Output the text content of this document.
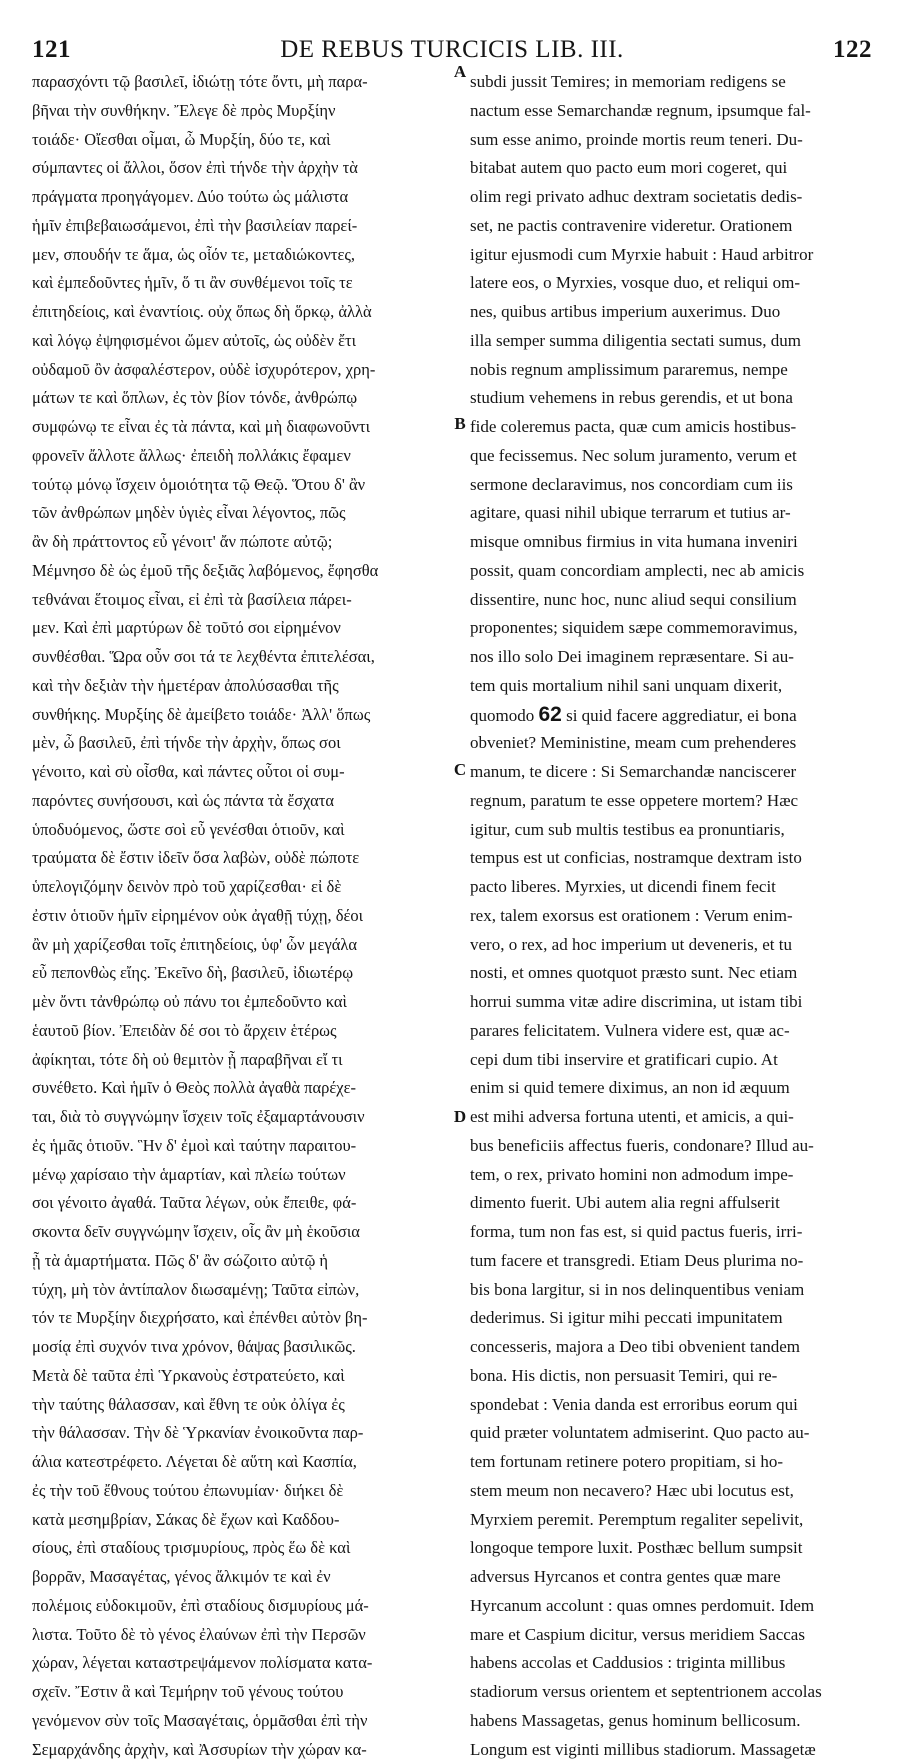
121	DE REBUS TURCICIS LIB. III.	122
παρασχόντι τῷ βασιλεῖ, ἰδιώτῃ τότε ὄντι, μὴ παρα-
βῆναι τὴν συνθήκην. Ἔλεγε δὲ πρὸς Μυρξίην
τοιάδε· Οἴεσθαι οἶμαι, ὦ Μυρξίη, δύο τε, καὶ
σύμπαντες οἱ ἄλλοι, ὅσον ἐπὶ τήνδε τὴν ἀρχὴν τὰ
πράγματα προηγάγομεν. Δύο τούτω ὡς μάλιστα
ἡμῖν ἐπιβεβαιωσάμενοι, ἐπὶ τὴν βασιλείαν παρεί-
μεν, σπουδήν τε ἅμα, ὡς οἷόν τε, μεταδιώκοντες,
καὶ ἐμπεδοῦντες ἡμῖν, ὅ τι ἂν συνθέμενοι τοῖς τε
ἐπιτηδείοις, καὶ ἐναντίοις. οὐχ ὅπως δὴ ὅρκῳ, ἀλλὰ
καὶ λόγῳ ἐψηφισμένοι ὤμεν αὐτοῖς, ὡς οὐδὲν ἔτι
οὐδαμοῦ ὂν ἀσφαλέστερον, οὐδὲ ἰσχυρότερον, χρη-
μάτων τε καὶ ὅπλων, ἐς τὸν βίον τόνδε, ἀνθρώπῳ
συμφώνῳ τε εἶναι ἐς τὰ πάντα, καὶ μὴ διαφωνοῦντι
φρονεῖν ἄλλοτε ἄλλως· ἐπειδὴ πολλάκις ἔφαμεν
τούτῳ μόνῳ ἴσχειν ὁμοιότητα τῷ Θεῷ. Ὅτου δ' ἂν
τῶν ἀνθρώπων μηδὲν ὑγιὲς εἶναι λέγοντος, πῶς
ἂν δὴ πράττοντος εὖ γένοιτ' ἄν πώποτε αὐτῷ;
Μέμνησο δὲ ὡς ἐμοῦ τῆς δεξιᾶς λαβόμενος, ἔφησθα
τεθνάναι ἕτοιμος εἶναι, εἰ ἐπὶ τὰ βασίλεια πάρει-
μεν. Καὶ ἐπὶ μαρτύρων δὲ τοῦτό σοι εἰρημένον
συνθέσθαι. Ὥρα οὖν σοι τά τε λεχθέντα ἐπιτελέσαι,
καὶ τὴν δεξιὰν τὴν ἡμετέραν ἀπολύσασθαι τῆς
συνθήκης. Μυρξίης δὲ ἀμείβετο τοιάδε· Ἀλλ' ὅπως
μὲν, ὦ βασιλεῦ, ἐπὶ τήνδε τὴν ἀρχὴν, ὅπως σοι
γένοιτο, καὶ σὺ οἶσθα, καὶ πάντες οὗτοι οἱ συμ-
παρόντες συνήσουσι, καὶ ὡς πάντα τὰ ἔσχατα
ὑποδυόμενος, ὥστε σοὶ εὖ γενέσθαι ὁτιοῦν, καὶ
τραύματα δὲ ἔστιν ἰδεῖν ὅσα λαβὼν, οὐδὲ πώποτε
ὑπελογιζόμην δεινὸν πρὸ τοῦ χαρίζεσθαι· εἰ δὲ
ἐστιν ὁτιοῦν ἡμῖν εἰρημένον οὐκ ἀγαθῇ τύχῃ, δέοι
ἂν μὴ χαρίζεσθαι τοῖς ἐπιτηδείοις, ὑφ' ὧν μεγάλα
εὖ πεπονθὼς εἴης. Ἐκεῖνο δὴ, βασιλεῦ, ἰδιωτέρῳ
μὲν ὄντι τἀνθρώπῳ οὐ πάνυ τοι ἐμπεδοῦντο καὶ
ἑαυτοῦ βίον. Ἐπειδὰν δέ σοι τὸ ἄρχειν ἑτέρως
ἀφίκηται, τότε δὴ οὐ θεμιτὸν ᾖ παραβῆναι εἴ τι
συνέθετο. Καὶ ἡμῖν ὁ Θεὸς πολλὰ ἀγαθὰ παρέχε-
ται, διὰ τὸ συγγνώμην ἴσχειν τοῖς ἐξαμαρτάνουσιν
ἐς ἡμᾶς ὁτιοῦν. Ἣν δ' ἐμοὶ καὶ ταύτην παραιτου-
μένῳ χαρίσαιο τὴν ἁμαρτίαν, καὶ πλείω τούτων
σοι γένοιτο ἀγαθά. Ταῦτα λέγων, οὐκ ἔπειθε, φά-
σκοντα δεῖν συγγνώμην ἴσχειν, οἷς ἂν μὴ ἑκοῦσια
ᾖ τὰ ἁμαρτήματα. Πῶς δ' ἂν σώζοιτο αὐτῷ ἡ
τύχη, μὴ τὸν ἀντίπαλον διωσαμένῃ; Ταῦτα εἰπὼν,
τόν τε Μυρξίην διεχρήσατο, καὶ ἐπένθει αὐτὸν βη-
μοσίᾳ ἐπὶ συχνόν τινα χρόνον, θάψας βασιλικῶς.
Μετὰ δὲ ταῦτα ἐπὶ Ὑρκανοὺς ἐστρατεύετο, καὶ
τὴν ταύτης θάλασσαν, καὶ ἔθνη τε οὐκ ὀλίγα ἐς
τὴν θάλασσαν. Τὴν δὲ Ὑρκανίαν ἐνοικοῦντα παρ-
άλια κατεστρέφετο. Λέγεται δὲ αὕτη καὶ Κασπία,
ἐς τὴν τοῦ ἔθνους τούτου ἐπωνυμίαν· διήκει δὲ
κατὰ μεσημβρίαν, Σάκας δὲ ἔχων καὶ Καδδου-
σίους, ἐπὶ σταδίους τρισμυρίους, πρὸς ἕω δὲ καὶ
βορρᾶν, Μασαγέτας, γένος ἄλκιμόν τε καὶ ἐν
πολέμοις εὐδοκιμοῦν, ἐπὶ σταδίους δισμυρίους μά-
λιστα. Τοῦτο δὲ τὸ γένος ἐλαύνων ἐπὶ τὴν Περσῶν
χώραν, λέγεται καταστρεψάμενον πολίσματα κατα-
σχεῖν. Ἔστιν ἃ καὶ Τεμήρην τοῦ γένους τούτου
γενόμενον σὺν τοῖς Μασαγέταις, ὁρμᾶσθαι ἐπὶ τὴν
Σεμαρχάνδης ἀρχὴν, καὶ Ἀσσυρίων τὴν χώραν κα-
subdi jussit Temires; in memoriam redigens se
nactum esse Semarchandæ regnum, ipsumque fal-
sum esse animo, proinde mortis reum teneri. Du-
bitabat autem quo pacto eum mori cogeret, qui
olim regi privato adhuc dextram societatis dedis-
set, ne pactis contravenire videretur. Orationem
igitur ejusmodi cum Myrxie habuit : Haud arbitror
latere eos, o Myrxies, vosque duo, et reliqui om-
nes, quibus artibus imperium auxerimus. Duo
illa semper summa diligentia sectati sumus, dum
nobis regnum amplissimum pararemus, nempe
studium vehemens in rebus gerendis, et ut bona
fide coleremus pacta, quæ cum amicis hostibus-
que fecissemus. Nec solum juramento, verum et
sermone declaravimus, nos concordiam cum iis
agitare, quasi nihil ubique terrarum et tutius ar-
misque omnibus firmius in vita humana inveniri
possit, quam concordiam amplecti, nec ab amicis
dissentire, nunc hoc, nunc aliud sequi consilium
proponentes; siquidem sæpe commemoravimus,
nos illo solo Dei imaginem repræsentare. Si au-
tem quis mortalium nihil sani unquam dixerit,
quomodo 62 si quid facere aggrediatur, ei bona
obveniet? Meministine, meam cum prehenderes
manum, te dicere : Si Semarchandæ nanciscerer
regnum, paratum te esse oppetere mortem? Hæc
igitur, cum sub multis testibus ea pronuntiaris,
tempus est ut conficias, nostramque dextram isto
pacto liberes. Myrxies, ut dicendi finem fecit
rex, talem exorsus est orationem : Verum enim-
vero, o rex, ad hoc imperium ut deveneris, et tu
nosti, et omnes quotquot præsto sunt. Nec etiam
horrui summa vitæ adire discrimina, ut istam tibi
parares felicitatem. Vulnera videre est, quæ ac-
cepi dum tibi inservire et gratificari cupio. At
enim si quid temere diximus, an non id æquum
est mihi adversa fortuna utenti, et amicis, a qui-
bus beneficiis affectus fueris, condonare? Illud au-
tem, o rex, privato homini non admodum impe-
dimento fuerit. Ubi autem alia regni affulserit
forma, tum non fas est, si quid pactus fueris, irri-
tum facere et transgredi. Etiam Deus plurima no-
bis bona largitur, si in nos delinquentibus veniam
dederimus. Si igitur mihi peccati impunitatem
concesseris, majora a Deo tibi obvenient tandem
bona. His dictis, non persuasit Temiri, qui re-
spondebat : Venia danda est erroribus eorum qui
quid præter voluntatem admiserint. Quo pacto au-
tem fortunam retinere potero propitiam, si ho-
stem meum non necavero? Hæc ubi locutus est,
Myrxiem peremit. Peremptum regaliter sepelivit,
longoque tempore luxit. Posthæc bellum sumpsit
adversus Hyrcanos et contra gentes quæ mare
Hyrcanum accolunt : quas omnes perdomuit. Idem
mare et Caspium dicitur, versus meridiem Saccas
habens accolas et Caddusios : triginta millibus
stadiorum versus orientem et septentrionem accolas
habens Massagetas, genus hominum bellicosum.
Longum est viginti millibus stadiorum. Massagetæ
A
B
C
D
